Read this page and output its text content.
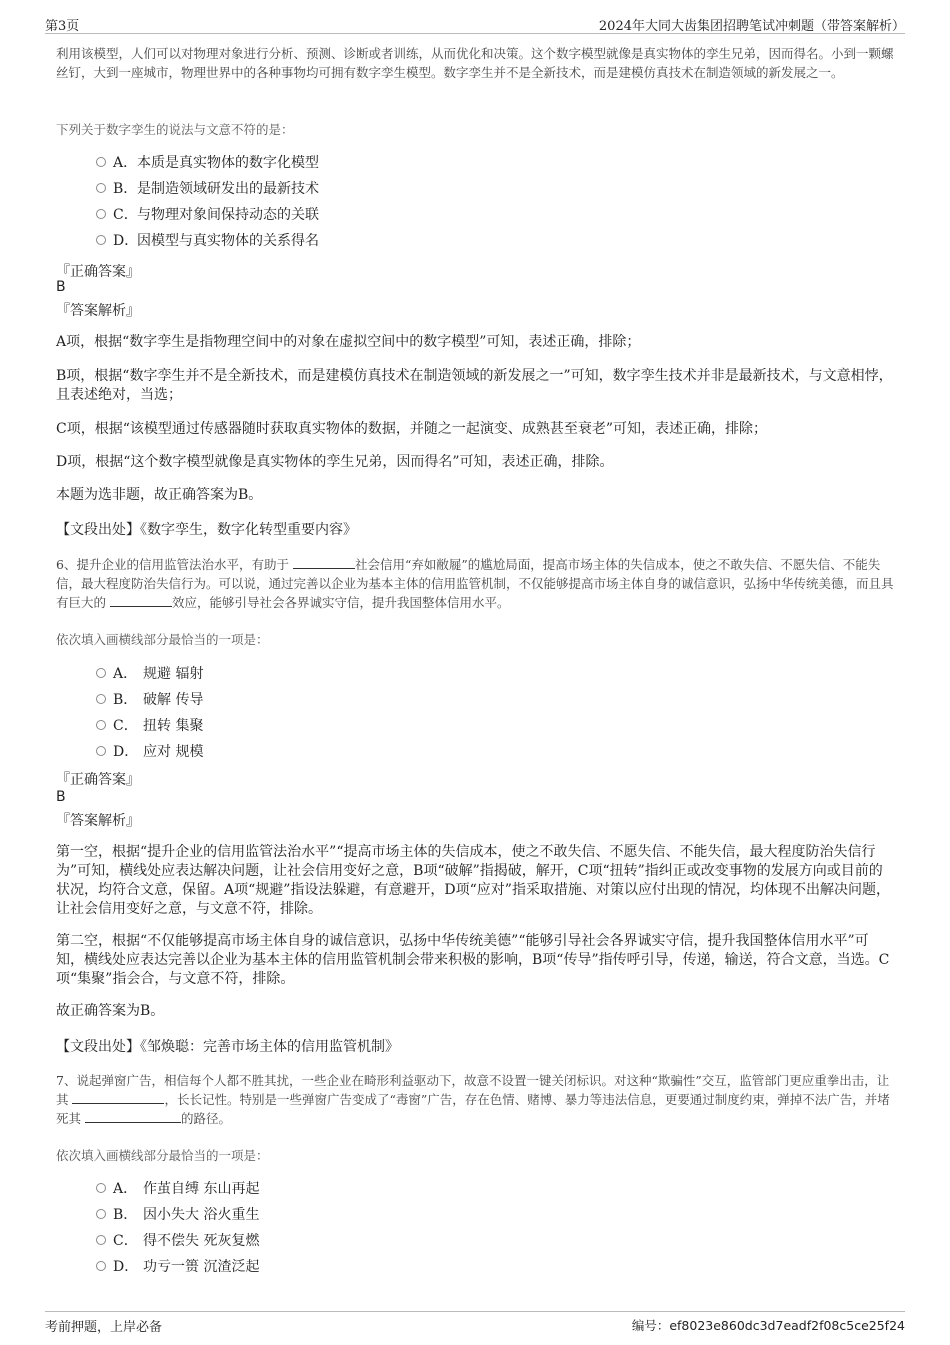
第3页	2024年大同大齿集团招聘笔试冲刺题（带答案解析）
利用该模型，人们可以对物理对象进行分析、预测、诊断或者训练，从而优化和决策。这个数字模型就像是真实物体的孪生兄弟，因而得名。小到一颗螺丝钉，大到一座城市，物理世界中的各种事物均可拥有数字孪生模型。数字孪生并不是全新技术，而是建模仿真技术在制造领域的新发展之一。
下列关于数字孪生的说法与文意不符的是：
A．本质是真实物体的数字化模型
B．是制造领域研发出的最新技术
C．与物理对象间保持动态的关联
D．因模型与真实物体的关系得名
『正确答案』
B
『答案解析』
A项，根据“数字孪生是指物理空间中的对象在虚拟空间中的数字模型”可知，表述正确，排除；
B项，根据“数字孪生并不是全新技术，而是建模仿真技术在制造领域的新发展之一”可知，数字孪生技术并非是最新技术，与文意相悖，且表述绝对，当选；
C项，根据“该模型通过传感器随时获取真实物体的数据，并随之一起演变、成熟甚至衰老”可知，表述正确，排除；
D项，根据“这个数字模型就像是真实物体的孪生兄弟，因而得名”可知，表述正确，排除。
本题为选非题，故正确答案为B。
【文段出处】《数字孪生，数字化转型重要内容》
6、提升企业的信用监管法治水平，有助于	社会信用“弃如敝屣”的尴尬局面，提高市场主体的失信成本，使之不敢失信、不愿失信、不能失信，最大程度防治失信行为。可以说，通过完善以企业为基本主体的信用监管机制，不仅能够提高市场主体自身的诚信意识，弘扬中华传统美德，而且具有巨大的	效应，能够引导社会各界诚实守信，提升我国整体信用水平。
依次填入画横线部分最恰当的一项是：
A． 规避 辐射
B． 破解 传导
C． 扭转 集聚
D． 应对 规模
『正确答案』
B
『答案解析』
第一空，根据“提升企业的信用监管法治水平”“提高市场主体的失信成本，使之不敢失信、不愿失信、不能失信，最大程度防治失信行为”可知，横线处应表达解决问题，让社会信用变好之意，B项“破解”指揭破，解开，C项“扭转”指纠正或改变事物的发展方向或目前的状况，均符合文意，保留。A项“规避”指设法躲避，有意避开，D项“应对”指采取措施、对策以应付出现的情况，均体现不出解决问题，让社会信用变好之意，与文意不符，排除。
第二空，根据“不仅能够提高市场主体自身的诚信意识，弘扬中华传统美德”“能够引导社会各界诚实守信，提升我国整体信用水平”可知，横线处应表达完善以企业为基本主体的信用监管机制会带来积极的影响，B项“传导”指传呼引导，传递，输送，符合文意，当选。C项“集聚”指会合，与文意不符，排除。
故正确答案为B。
【文段出处】《邹焕聪：完善市场主体的信用监管机制》
7、说起弹窗广告，相信每个人都不胜其扰，一些企业在畸形利益驱动下，故意不设置一键关闭标识。对这种“欺骗性”交互，监管部门更应重拳出击，让其	，长长记性。特别是一些弹窗广告变成了“毒窗”广告，存在色情、赌博、暴力等违法信息，更要通过制度约束，弹掉不法广告，并堵死其	的路径。
依次填入画横线部分最恰当的一项是：
A． 作茧自缚 东山再起
B． 因小失大 浴火重生
C． 得不偿失 死灰复燃
D． 功亏一篑 沉渣泛起
考前押题，上岸必备	编号：ef8023e860dc3d7eadf2f08c5ce25f24
